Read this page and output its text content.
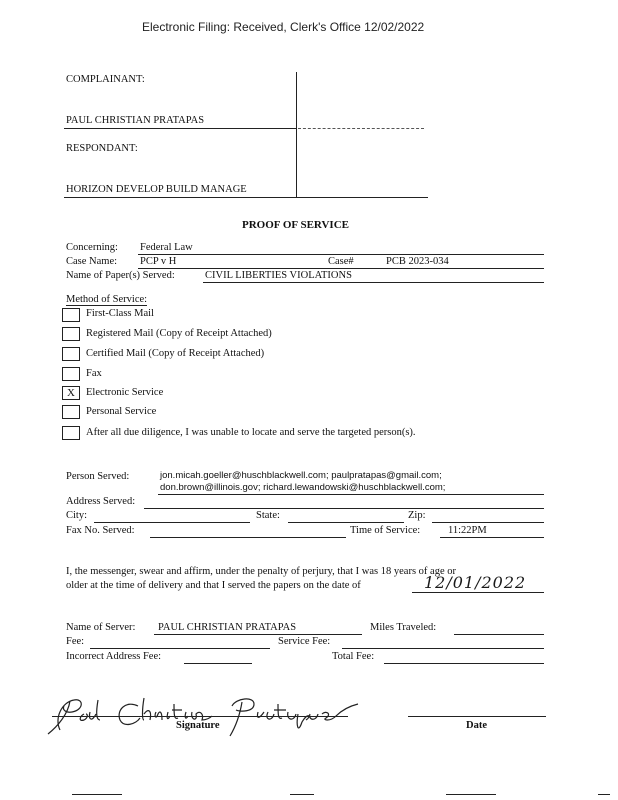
Electronic Filing: Received, Clerk's Office 12/02/2022
COMPLAINANT:
PAUL CHRISTIAN PRATAPAS
RESPONDANT:
HORIZON DEVELOP BUILD MANAGE
PROOF OF SERVICE
Concerning: Federal Law
Case Name: PCP v H	Case#	PCB 2023-034
Name of Paper(s) Served:	CIVIL LIBERTIES VIOLATIONS
Method of Service:
First-Class Mail
Registered Mail (Copy of Receipt Attached)
Certified Mail (Copy of Receipt Attached)
Fax
X Electronic Service
Personal Service
After all due diligence, I was unable to locate and serve the targeted person(s).
Person Served:	jon.micah.goeller@huschblackwell.com; paulpratapas@gmail.com;
don.brown@illinois.gov; richard.lewandowski@huschblackwell.com;
Address Served:
City:	State:	Zip:
Fax No. Served:	Time of Service:	11:22PM
I, the messenger, swear and affirm, under the penalty of perjury, that I was 18 years of age or
older at the time of delivery and that I served the papers on the date of	12/01/2022
Name of Server: PAUL CHRISTIAN PRATAPAS	Miles Traveled:
Fee:	Service Fee:
Incorrect Address Fee:	Total Fee:
Signature	Date
